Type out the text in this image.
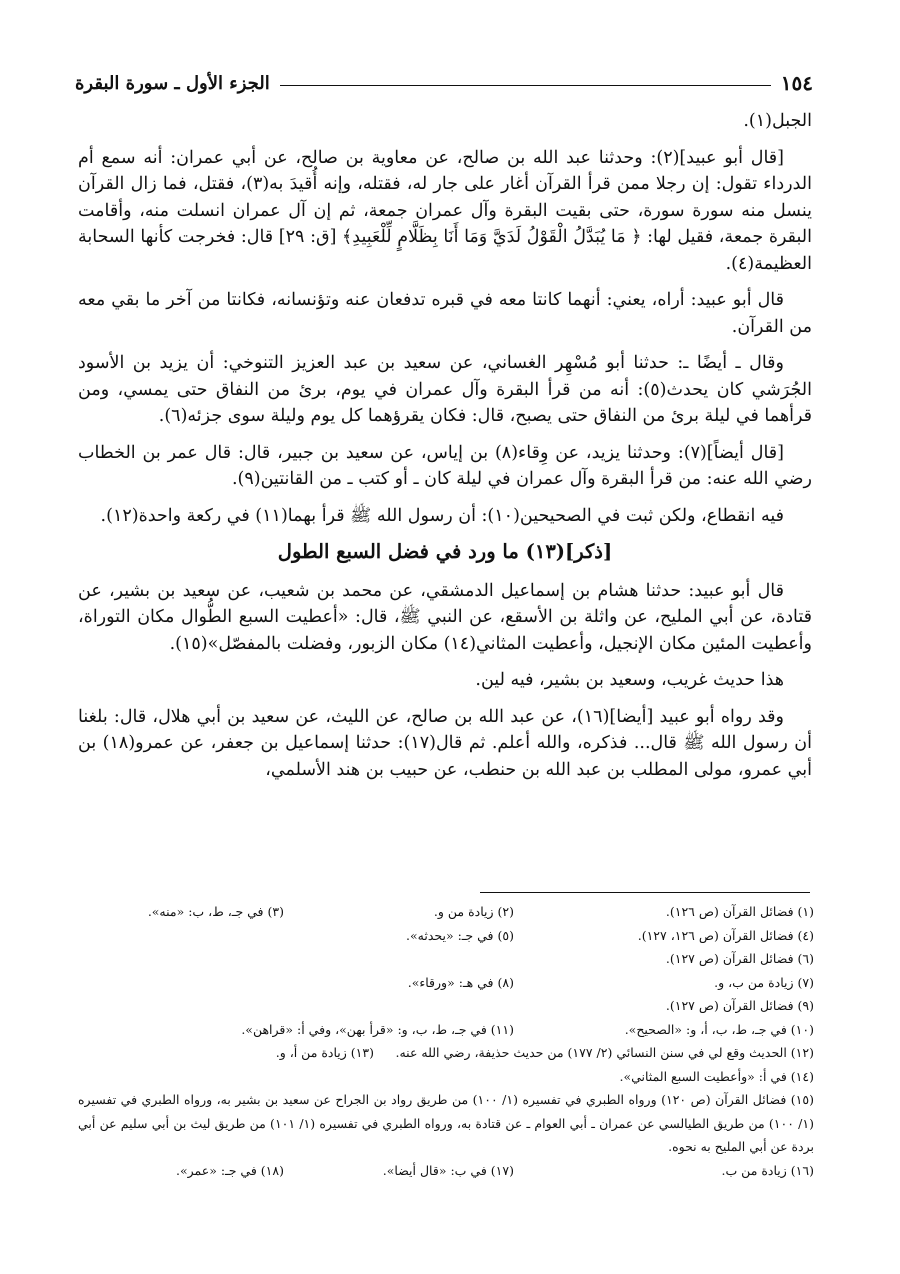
الجزء الأول ـ سورة البقرة	١٥٤

الجبل(١).

[قال أبو عبيد](٢): وحدثنا عبد الله بن صالح، عن معاوية بن صالح، عن أبي عمران: أنه سمع أم الدرداء تقول: إن رجلا ممن قرأ القرآن أغار على جار له، فقتله، وإنه أُقيدَ به(٣)، فقتل، فما زال القرآن ينسل منه سورة سورة، حتى بقيت البقرة وآل عمران جمعة، ثم إن آل عمران انسلت منه، وأقامت البقرة جمعة، فقيل لها: ﴿ مَا يُبَدَّلُ الْقَوْلُ لَدَيَّ وَمَا أَنَا بِظَلَّامٍ لِّلْعَبِيدِ﴾ [ق: ٢٩] قال: فخرجت كأنها السحابة العظيمة(٤).

قال أبو عبيد: أراه، يعني: أنهما كانتا معه في قبره تدفعان عنه وتؤنسانه، فكانتا من آخر ما بقي معه من القرآن.

وقال ـ أيضًا ـ: حدثنا أبو مُسْهِر الغساني، عن سعيد بن عبد العزيز التنوخي: أن يزيد بن الأسود الجُرَشي كان يحدث(٥): أنه من قرأ البقرة وآل عمران في يوم، برئ من النفاق حتى يمسي، ومن قرأهما في ليلة برئ من النفاق حتى يصبح، قال: فكان يقرؤهما كل يوم وليلة سوى جزئه(٦).

[قال أيضاً](٧): وحدثنا يزيد، عن وِقاء(٨) بن إياس، عن سعيد بن جبير، قال: قال عمر بن الخطاب رضي الله عنه: من قرأ البقرة وآل عمران في ليلة كان ـ أو كتب ـ من القانتين(٩).

فيه انقطاع، ولكن ثبت في الصحيحين(١٠): أن رسول الله ﷺ قرأ بهما(١١) في ركعة واحدة(١٢).

[ذكر](١٣) ما ورد في فضل السبع الطول

قال أبو عبيد: حدثنا هشام بن إسماعيل الدمشقي، عن محمد بن شعيب، عن سعيد بن بشير، عن قتادة، عن أبي المليح، عن واثلة بن الأسقع، عن النبي ﷺ، قال: «أعطيت السبع الطُّوال مكان التوراة، وأعطيت المئين مكان الإنجيل، وأعطيت المثاني(١٤) مكان الزبور، وفضلت بالمفصّل»(١٥).

هذا حديث غريب، وسعيد بن بشير، فيه لين.

وقد رواه أبو عبيد [أيضا](١٦)، عن عبد الله بن صالح، عن الليث، عن سعيد بن أبي هلال، قال: بلغنا أن رسول الله ﷺ قال... فذكره، والله أعلم. ثم قال(١٧): حدثنا إسماعيل بن جعفر، عن عمرو(١٨) بن أبي عمرو، مولى المطلب بن عبد الله بن حنطب، عن حبيب بن هند الأسلمي،

(١) فضائل القرآن (ص ١٢٦).
(٢) زيادة من و.
(٣) في جـ، ط، ب: «منه».
(٤) فضائل القرآن (ص ١٢٦، ١٢٧).
(٥) في جـ: «يحدثه».
(٦) فضائل القرآن (ص ١٢٧).
(٧) زيادة من ب، و.
(٨) في هـ: «ورقاء».
(٩) فضائل القرآن (ص ١٢٧).
(١٠) في جـ، ط، ب، أ، و: «الصحيح».
(١١) في جـ، ط، ب، و: «قرأ بهن»، وفي أ: «قراهن».
(١٢) الحديث وقع لي في سنن النسائي (٢/ ١٧٧) من حديث حذيفة، رضي الله عنه.
(١٣) زيادة من أ، و.
(١٤) في أ: «وأعطيت السبع المثاني».
(١٥) فضائل القرآن (ص ١٢٠) ورواه الطبري في تفسيره (١/ ١٠٠) من طريق رواد بن الجراح عن سعيد بن بشير به، ورواه الطبري في تفسيره (١/ ١٠٠) من طريق الطيالسي عن عمران ـ أبي العوام ـ عن قتادة به، ورواه الطبري في تفسيره (١/ ١٠١) من طريق ليث بن أبي سليم عن أبي بردة عن أبي المليح به نحوه.
(١٦) زيادة من ب.
(١٧) في ب: «قال أيضا».
(١٨) في جـ: «عمر».
